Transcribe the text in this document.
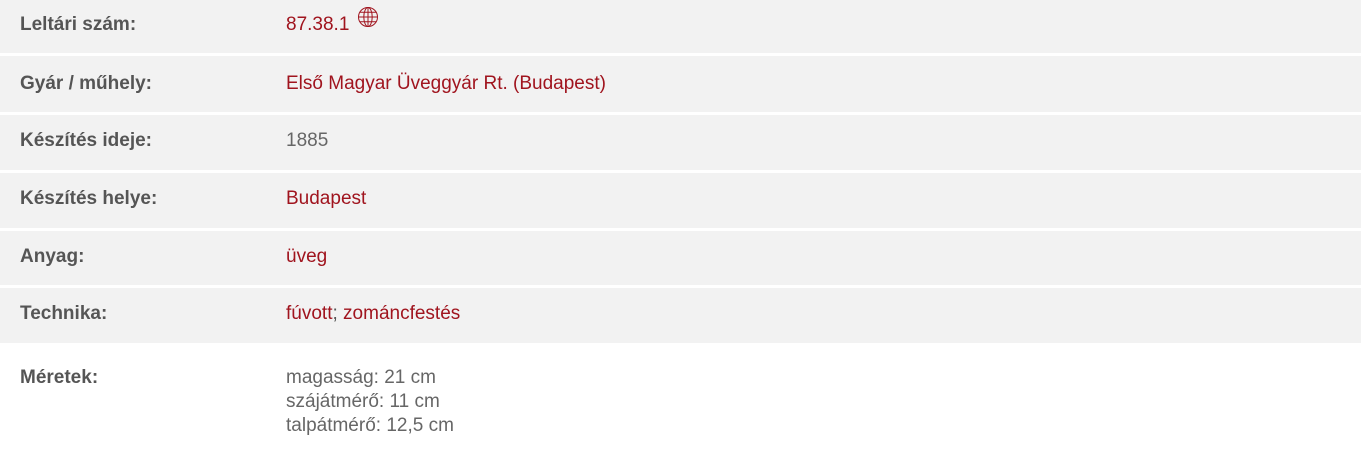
Leltári szám:	87.38.1
Gyár / műhely:	Első Magyar Üveggyár Rt. (Budapest)
Készítés ideje:	1885
Készítés helye:	Budapest
Anyag:	üveg
Technika:	fúvott; zománcfestés
Méretek:	magasság: 21 cm
szájátmérő: 11 cm
talpátmérő: 12,5 cm
